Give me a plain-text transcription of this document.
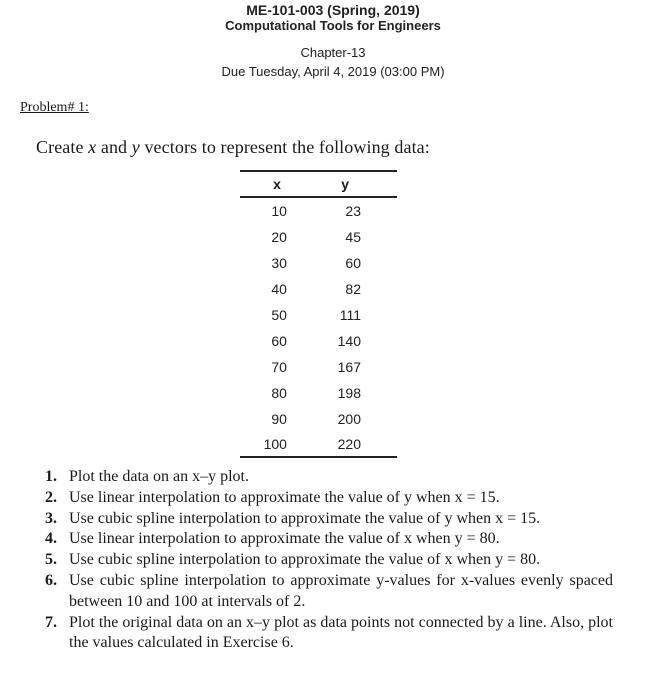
ME-101-003 (Spring, 2019)
Computational Tools for Engineers
Chapter-13
Due Tuesday, April 4, 2019 (03:00 PM)
Problem# 1:
Create x and y vectors to represent the following data:
x	y
10	23
20	45
30	60
40	82
50	111
60	140
70	167
80	198
90	200
100	220
1. Plot the data on an x–y plot.
2. Use linear interpolation to approximate the value of y when x = 15.
3. Use cubic spline interpolation to approximate the value of y when x = 15.
4. Use linear interpolation to approximate the value of x when y = 80.
5. Use cubic spline interpolation to approximate the value of x when y = 80.
6. Use cubic spline interpolation to approximate y-values for x-values evenly spaced between 10 and 100 at intervals of 2.
7. Plot the original data on an x–y plot as data points not connected by a line. Also, plot the values calculated in Exercise 6.
